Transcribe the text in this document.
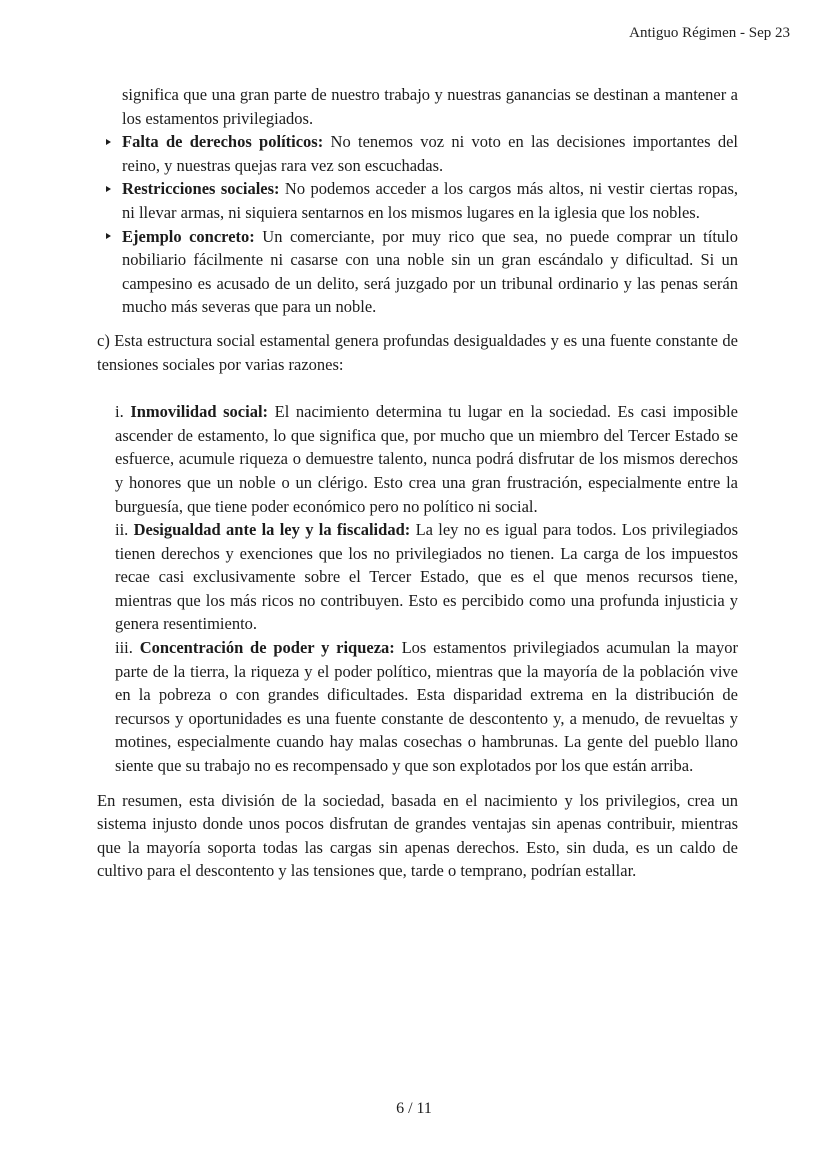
Antiguo Régimen - Sep 23

significa que una gran parte de nuestro trabajo y nuestras ganancias se destinan a mantener a los estamentos privilegiados.

Falta de derechos políticos: No tenemos voz ni voto en las decisiones importantes del reino, y nuestras quejas rara vez son escuchadas.
Restricciones sociales: No podemos acceder a los cargos más altos, ni vestir ciertas ropas, ni llevar armas, ni siquiera sentarnos en los mismos lugares en la iglesia que los nobles.
Ejemplo concreto: Un comerciante, por muy rico que sea, no puede comprar un título nobiliario fácilmente ni casarse con una noble sin un gran escándalo y dificultad. Si un campesino es acusado de un delito, será juzgado por un tribunal ordinario y las penas serán mucho más severas que para un noble.

c) Esta estructura social estamental genera profundas desigualdades y es una fuente constante de tensiones sociales por varias razones:

i. Inmovilidad social: El nacimiento determina tu lugar en la sociedad. Es casi imposible ascender de estamento, lo que significa que, por mucho que un miembro del Tercer Estado se esfuerce, acumule riqueza o demuestre talento, nunca podrá disfrutar de los mismos derechos y honores que un noble o un clérigo. Esto crea una gran frustración, especialmente entre la burguesía, que tiene poder económico pero no político ni social.

ii. Desigualdad ante la ley y la fiscalidad: La ley no es igual para todos. Los privilegiados tienen derechos y exenciones que los no privilegiados no tienen. La carga de los impuestos recae casi exclusivamente sobre el Tercer Estado, que es el que menos recursos tiene, mientras que los más ricos no contribuyen. Esto es percibido como una profunda injusticia y genera resentimiento.

iii. Concentración de poder y riqueza: Los estamentos privilegiados acumulan la mayor parte de la tierra, la riqueza y el poder político, mientras que la mayoría de la población vive en la pobreza o con grandes dificultades. Esta disparidad extrema en la distribución de recursos y oportunidades es una fuente constante de descontento y, a menudo, de revueltas y motines, especialmente cuando hay malas cosechas o hambrunas. La gente del pueblo llano siente que su trabajo no es recompensado y que son explotados por los que están arriba.

En resumen, esta división de la sociedad, basada en el nacimiento y los privilegios, crea un sistema injusto donde unos pocos disfrutan de grandes ventajas sin apenas contribuir, mientras que la mayoría soporta todas las cargas sin apenas derechos. Esto, sin duda, es un caldo de cultivo para el descontento y las tensiones que, tarde o temprano, podrían estallar.

6 / 11
